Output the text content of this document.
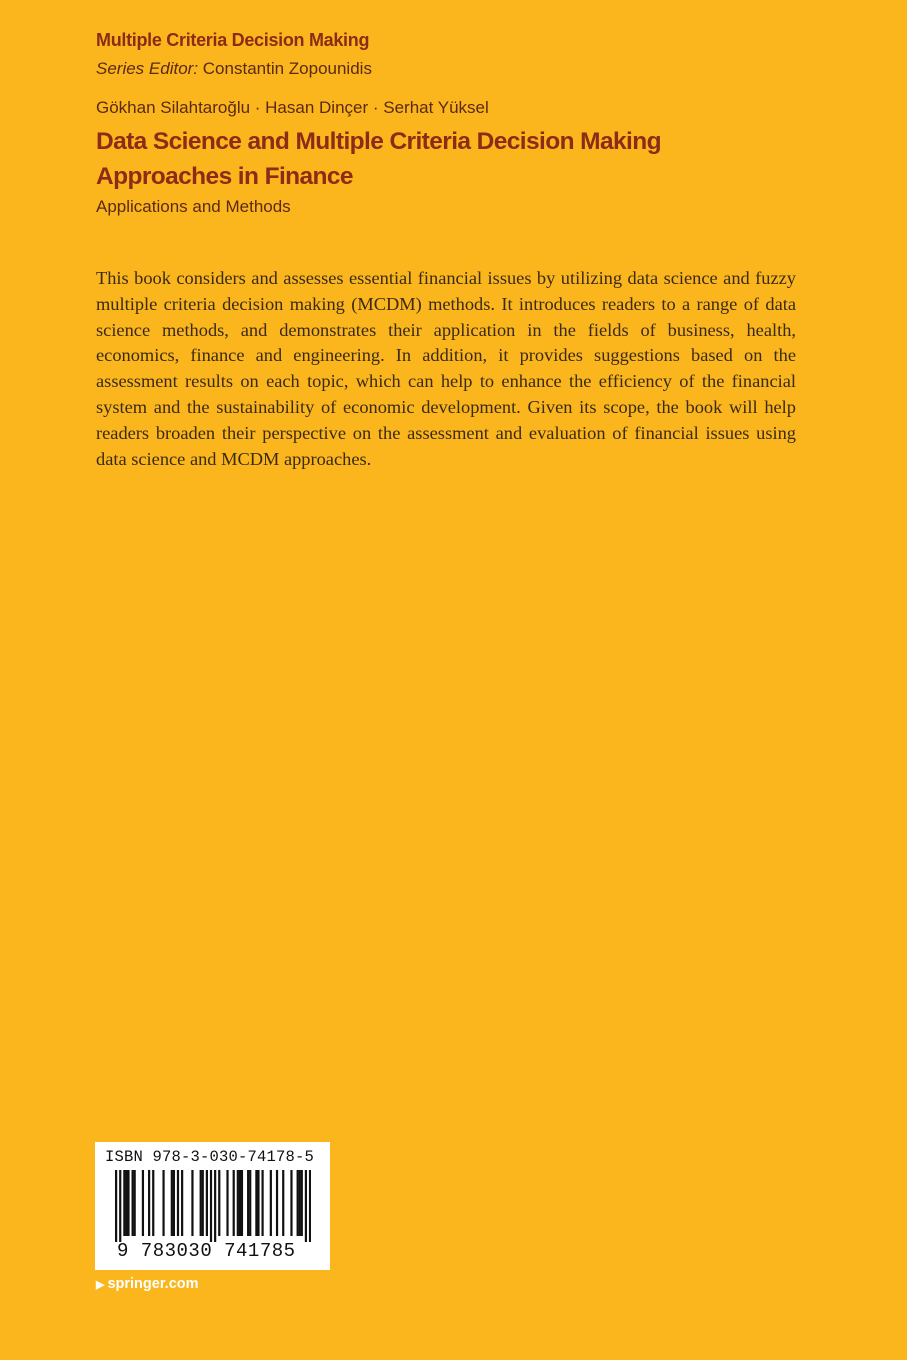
Multiple Criteria Decision Making
Series Editor: Constantin Zopounidis
Gökhan Silahtaroğlu · Hasan Dinçer · Serhat Yüksel
Data Science and Multiple Criteria Decision Making Approaches in Finance
Applications and Methods
This book considers and assesses essential financial issues by utilizing data science and fuzzy multiple criteria decision making (MCDM) methods. It introduces readers to a range of data science methods, and demonstrates their application in the fields of business, health, economics, finance and engineering. In addition, it provides suggestions based on the assessment results on each topic, which can help to enhance the efficiency of the financial system and the sustainability of economic development. Given its scope, the book will help readers broaden their perspective on the assessment and evaluation of financial issues using data science and MCDM approaches.
ISBN 978-3-030-74178-5
9 783030 741785
▶ springer.com
